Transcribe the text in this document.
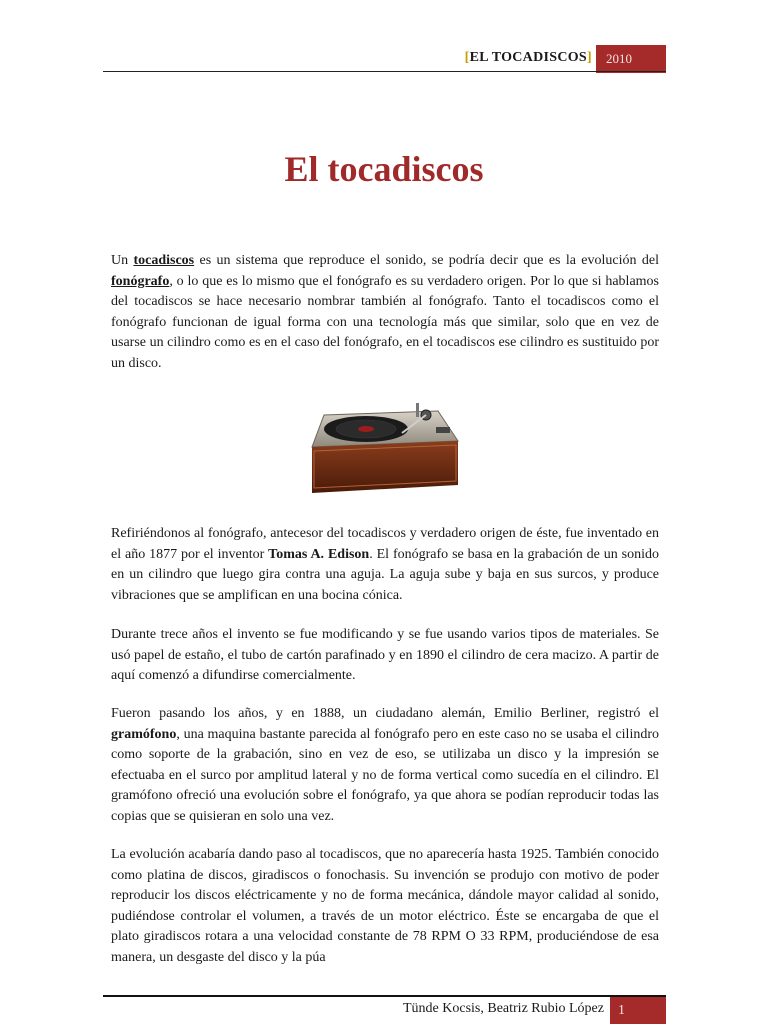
[EL TOCADISCOS]	2010
El tocadiscos

Un tocadiscos es un sistema que reproduce el sonido, se podría decir que es la evolución del fonógrafo, o lo que es lo mismo que el fonógrafo es su verdadero origen. Por lo que si hablamos del tocadiscos se hace necesario nombrar también al fonógrafo. Tanto el tocadiscos como el fonógrafo funcionan de igual forma con una tecnología más que similar, solo que en vez de usarse un cilindro como es en el caso del fonógrafo, en el tocadiscos ese cilindro es sustituido por un disco.

Refiriéndonos al fonógrafo, antecesor del tocadiscos y verdadero origen de éste, fue inventado en el año 1877 por el inventor Tomas A. Edison. El fonógrafo se basa en la grabación de un sonido en un cilindro que luego gira contra una aguja. La aguja sube y baja en sus surcos, y produce vibraciones que se amplifican en una bocina cónica.

Durante trece años el invento se fue modificando y se fue usando varios tipos de materiales. Se usó papel de estaño, el tubo de cartón parafinado y en 1890 el cilindro de cera macizo. A partir de aquí comenzó a difundirse comercialmente.

Fueron pasando los años, y en 1888, un ciudadano alemán, Emilio Berliner, registró el gramófono, una maquina bastante parecida al fonógrafo pero en este caso no se usaba el cilindro como soporte de la grabación, sino en vez de eso, se utilizaba un disco y la impresión se efectuaba en el surco por amplitud lateral y no de forma vertical como sucedía en el cilindro. El gramófono ofreció una evolución sobre el fonógrafo, ya que ahora se podían reproducir todas las copias que se quisieran en solo una vez.

La evolución acabaría dando paso al tocadiscos, que no aparecería hasta 1925. También conocido como platina de discos, giradiscos o fonochasis. Su invención se produjo con motivo de poder reproducir los discos eléctricamente y no de forma mecánica, dándole mayor calidad al sonido, pudiéndose controlar el volumen, a través de un motor eléctrico. Éste se encargaba de que el plato giradiscos rotara a una velocidad constante de 78 RPM O 33 RPM, produciéndose de esa manera, un desgaste del disco y la púa

Tünde Kocsis, Beatriz Rubio López	1
